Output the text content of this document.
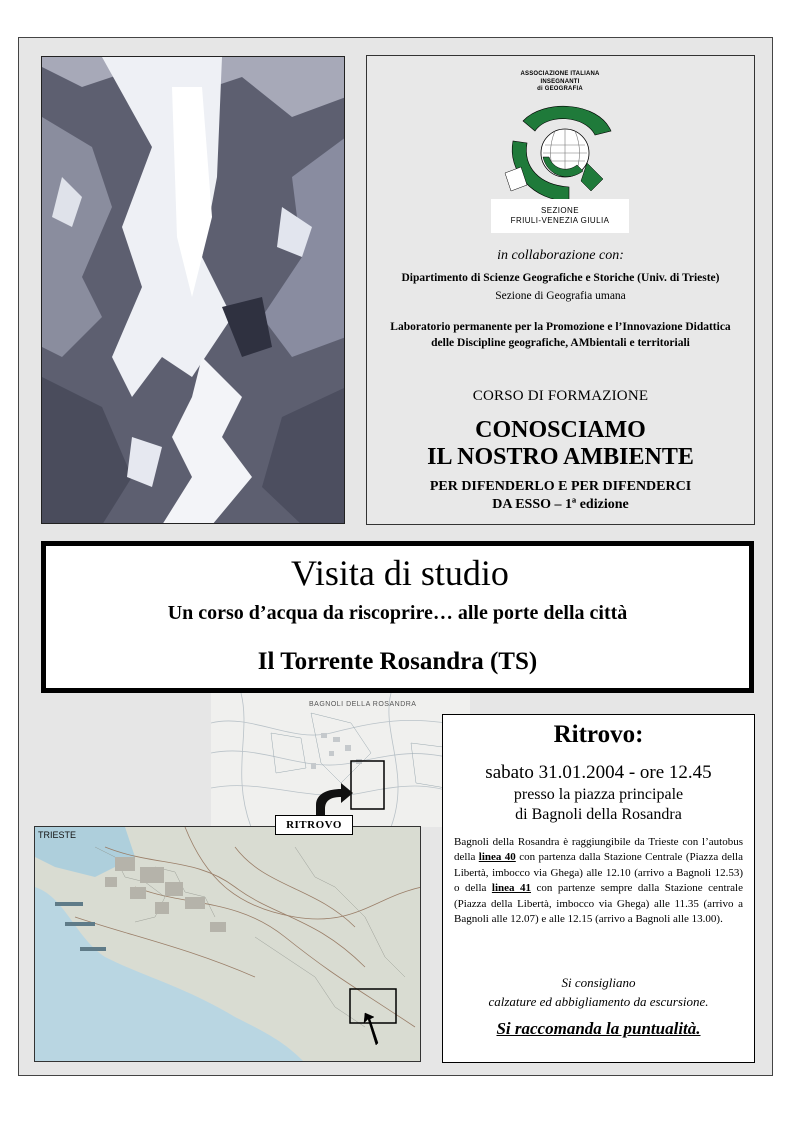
ASSOCIAZIONE ITALIANA
INSEGNANTI
di GEOGRAFIA
SEZIONE
FRIULI-VENEZIA GIULIA
in collaborazione con:
Dipartimento di Scienze Geografiche e Storiche (Univ. di Trieste)
Sezione di Geografia umana
Laboratorio permanente per la Promozione e l’Innovazione Didattica
delle Discipline geografiche, AMbientali e territoriali
CORSO DI FORMAZIONE
CONOSCIAMO
IL NOSTRO AMBIENTE
PER DIFENDERLO E PER DIFENDERCI
DA ESSO – 1ª edizione
Visita di studio
Un corso d’acqua da riscoprire… alle porte della città
Il Torrente Rosandra (TS)
BAGNOLI DELLA ROSANDRA
RITROVO
TRIESTE
Ritrovo:
sabato 31.01.2004 - ore 12.45
presso la piazza principale
di Bagnoli della Rosandra
Bagnoli della Rosandra è raggiungibile da Trieste con l’autobus della linea 40 con partenza dalla Stazione Centrale (Piazza della Libertà, imbocco via Ghega) alle 12.10 (arrivo a Bagnoli 12.53) o della linea 41 con partenze sempre dalla Stazione centrale (Piazza della Libertà, imbocco via Ghega) alle 11.35 (arrivo a Bagnoli alle 12.07) e alle 12.15 (arrivo a Bagnoli alle 13.00).
Si consigliano
calzature ed abbigliamento da escursione.
Si raccomanda la puntualità.
